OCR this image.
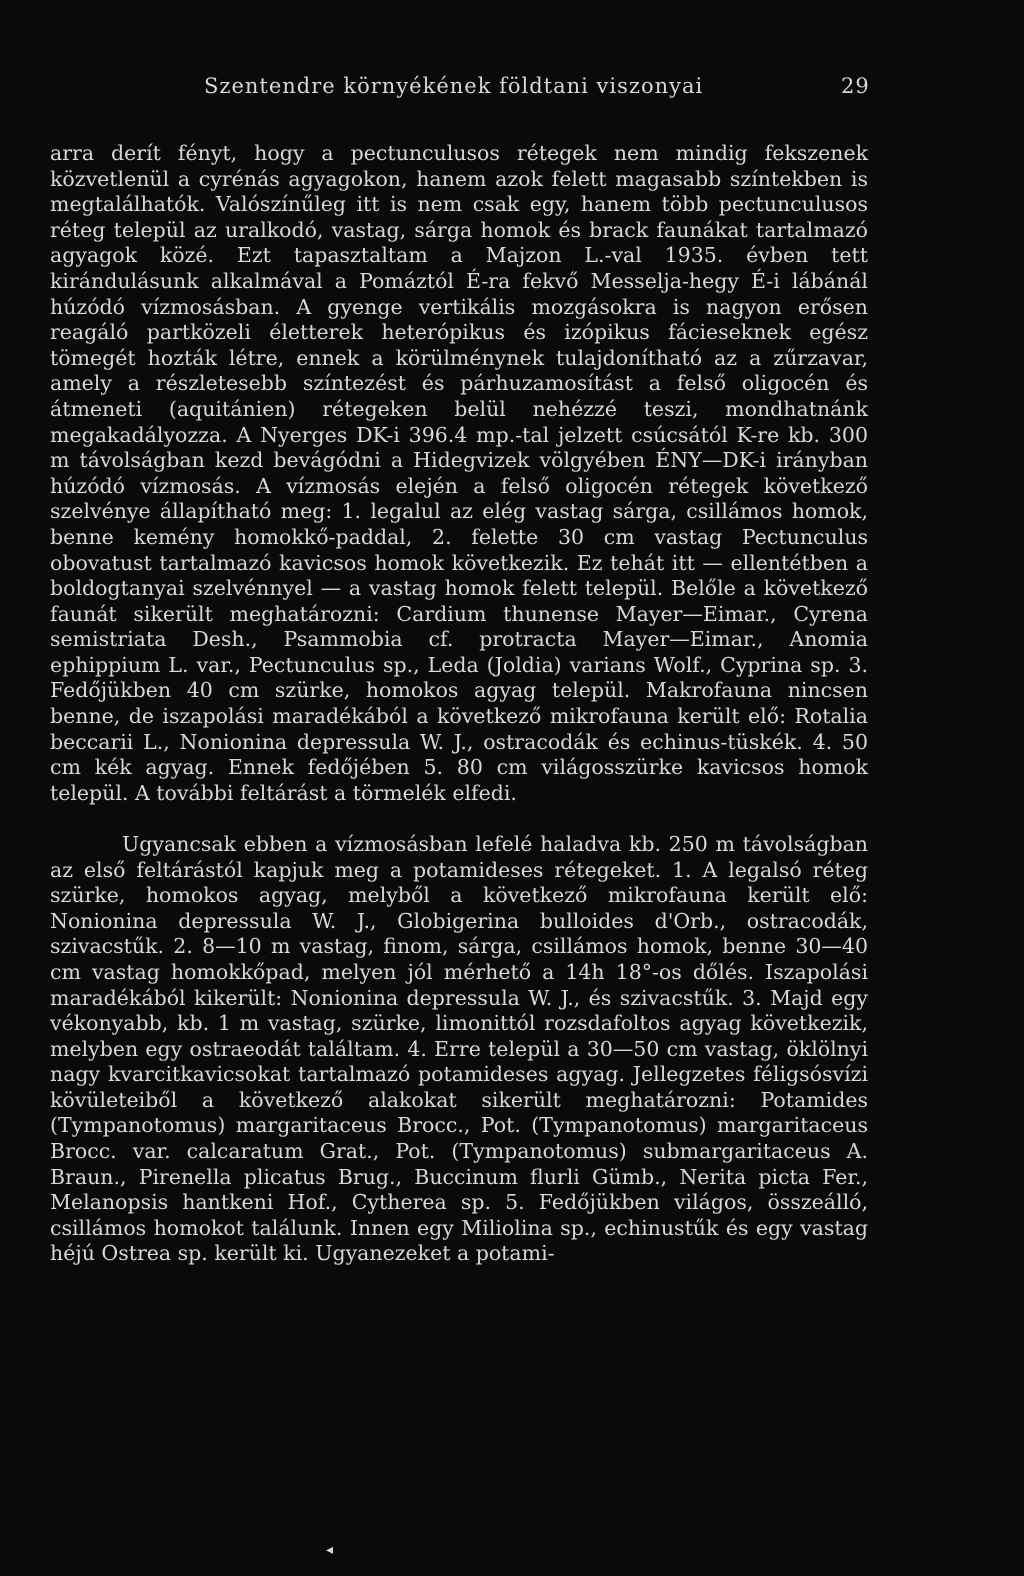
Szentendre környékének földtani viszonyai	29

arra derít fényt, hogy a pectunculusos rétegek nem mindig fekszenek közvetlenül a cyrénás agyagokon, hanem azok felett magasabb színtekben is megtalálhatók. Valószínűleg itt is nem csak egy, hanem több pectunculusos réteg települ az uralkodó, vastag, sárga homok és brack faunákat tartalmazó agyagok közé. Ezt tapasztaltam a Majzon L.-val 1935. évben tett kirándulásunk alkalmával a Pomáztól É-ra fekvő Messelja-hegy É-i lábánál húzódó vízmosásban. A gyenge vertikális mozgásokra is nagyon erősen reagáló partközeli életterek heterópikus és izópikus fácieseknek egész tömegét hozták létre, ennek a körülménynek tulajdonítható az a zűrzavar, amely a részletesebb színtezést és párhuzamosítást a felső oligocén és átmeneti (aquitánien) rétegeken belül nehézzé teszi, mondhatnánk megakadályozza. A Nyerges DK-i 396.4 mp.-tal jelzett csúcsától K-re kb. 300 m távolságban kezd bevágódni a Hidegvizek völgyében ÉNY—DK-i irányban húzódó vízmosás. A vízmosás elején a felső oligocén rétegek következő szelvénye állapítható meg: 1. legalul az elég vastag sárga, csillámos homok, benne kemény homokkő-paddal, 2. felette 30 cm vastag Pectunculus obovatust tartalmazó kavicsos homok következik. Ez tehát itt — ellentétben a boldogtanyai szelvénnyel — a vastag homok felett települ. Belőle a következő faunát sikerült meghatározni: Cardium thunense Mayer—Eimar., Cyrena semistriata Desh., Psammobia cf. protracta Mayer—Eimar., Anomia ephippium L. var., Pectunculus sp., Leda (Joldia) varians Wolf., Cyprina sp. 3. Fedőjükben 40 cm szürke, homokos agyag települ. Makrofauna nincsen benne, de iszapolási maradékából a következő mikrofauna került elő: Rotalia beccarii L., Nonionina depressula W. J., ostracodák és echinus-tüskék. 4. 50 cm kék agyag. Ennek fedőjében 5. 80 cm világosszürke kavicsos homok települ. A további feltárást a törmelék elfedi.

Ugyancsak ebben a vízmosásban lefelé haladva kb. 250 m távolságban az első feltárástól kapjuk meg a potamideses rétegeket. 1. A legalsó réteg szürke, homokos agyag, melyből a következő mikrofauna került elő: Nonionina depressula W. J., Globigerina bulloides d'Orb., ostracodák, szivacstűk. 2. 8—10 m vastag, finom, sárga, csillámos homok, benne 30—40 cm vastag homokkőpad, melyen jól mérhető a 14h 18°-os dőlés. Iszapolási maradékából kikerült: Nonionina depressula W. J., és szivacstűk. 3. Majd egy vékonyabb, kb. 1 m vastag, szürke, limonittól rozsdafoltos agyag következik, melyben egy ostraeodát találtam. 4. Erre települ a 30—50 cm vastag, öklölnyi nagy kvarcitkavicsokat tartalmazó potamideses agyag. Jellegzetes féligsósvízi kövületeiből a következő alakokat sikerült meghatározni: Potamides (Tympanotomus) margaritaceus Brocc., Pot. (Tympanotomus) margaritaceus Brocc. var. calcaratum Grat., Pot. (Tympanotomus) submargaritaceus A. Braun., Pirenella plicatus Brug., Buccinum flurli Gümb., Nerita picta Fer., Melanopsis hantkeni Hof., Cytherea sp. 5. Fedőjükben világos, összeálló, csillámos homokot találunk. Innen egy Miliolina sp., echinustűk és egy vastag héjú Ostrea sp. került ki. Ugyanezeket a potami-

◂
